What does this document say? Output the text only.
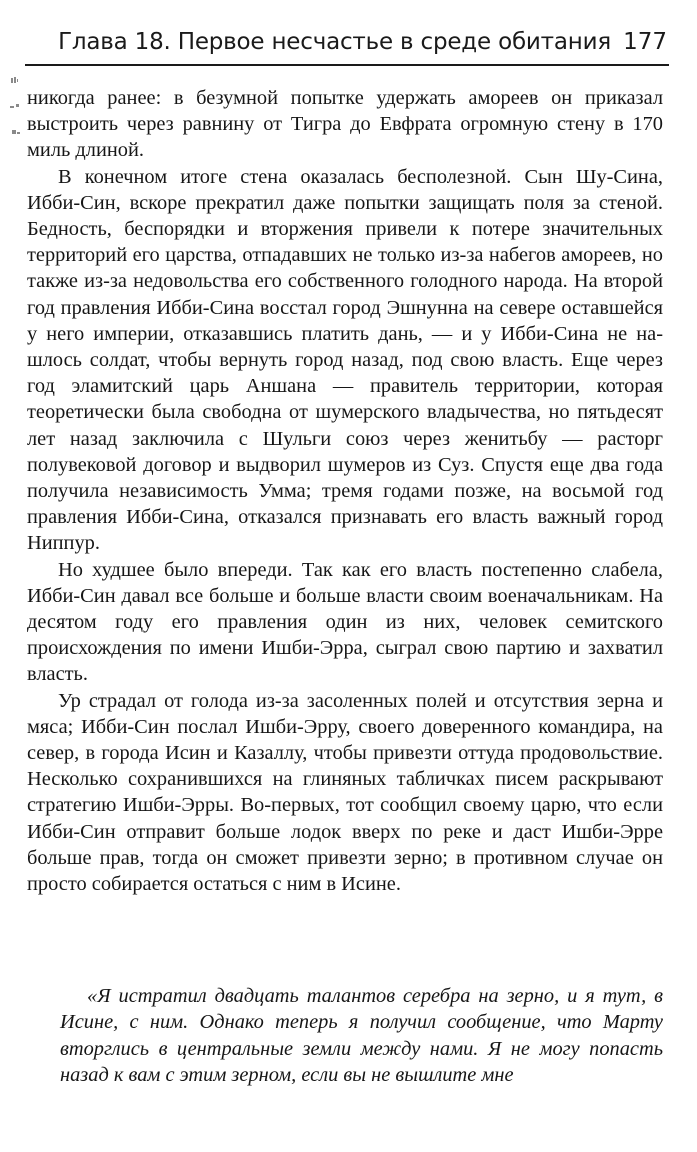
Глава 18. Первое несчастье в среде обитания 177

никогда ранее: в безумной попытке удержать амореев он приказал выстроить через равнину от Тигра до Евфрата огромную стену в 170 миль длиной.

В конечном итоге стена оказалась бесполезной. Сын Шу-Сина, Ибби-Син, вскоре прекратил даже попытки защищать поля за стеной. Бедность, беспорядки и вторжения привели к потере значительных территорий его царства, отпадавших не только из-за набегов амореев, но также из-за недовольства его собственного голодного народа. На второй год правления Ибби-Сина восстал город Эшнунна на севере оставшейся у него империи, отказавшись платить дань, — и у Ибби-Сина не нашлось солдат, чтобы вернуть город назад, под свою власть. Еще через год эламитский царь Аншана — правитель территории, которая теоретически была свободна от шумерского владычества, но пятьдесят лет назад заключила с Шульги союз через женитьбу — расторг полувековой договор и выдворил шумеров из Суз. Спустя еще два года получила независимость Умма; тремя годами позже, на восьмой год правления Ибби-Сина, отказался признавать его власть важный город Ниппур.

Но худшее было впереди. Так как его власть постепенно слабела, Ибби-Син давал все больше и больше власти своим военачальникам. На десятом году его правления один из них, человек семитского происхождения по имени Ишби-Эрра, сыграл свою партию и захватил власть.

Ур страдал от голода из-за засоленных полей и отсутствия зерна и мяса; Ибби-Син послал Ишби-Эрру, своего доверенного командира, на север, в города Исин и Казаллу, чтобы привезти оттуда продовольствие. Несколько сохранившихся на глиняных табличках писем раскрывают стратегию Ишби-Эрры. Во-первых, тот сообщил своему царю, что если Ибби-Син отправит больше лодок вверх по реке и даст Ишби-Эрре больше прав, тогда он сможет привезти зерно; в противном случае он просто собирается остаться с ним в Исине.

«Я истратил двадцать талантов серебра на зерно, и я тут, в Исине, с ним. Однако теперь я получил сообщение, что Марту вторглись в центральные земли между нами. Я не могу попасть назад к вам с этим зерном, если вы не вышлите мне
